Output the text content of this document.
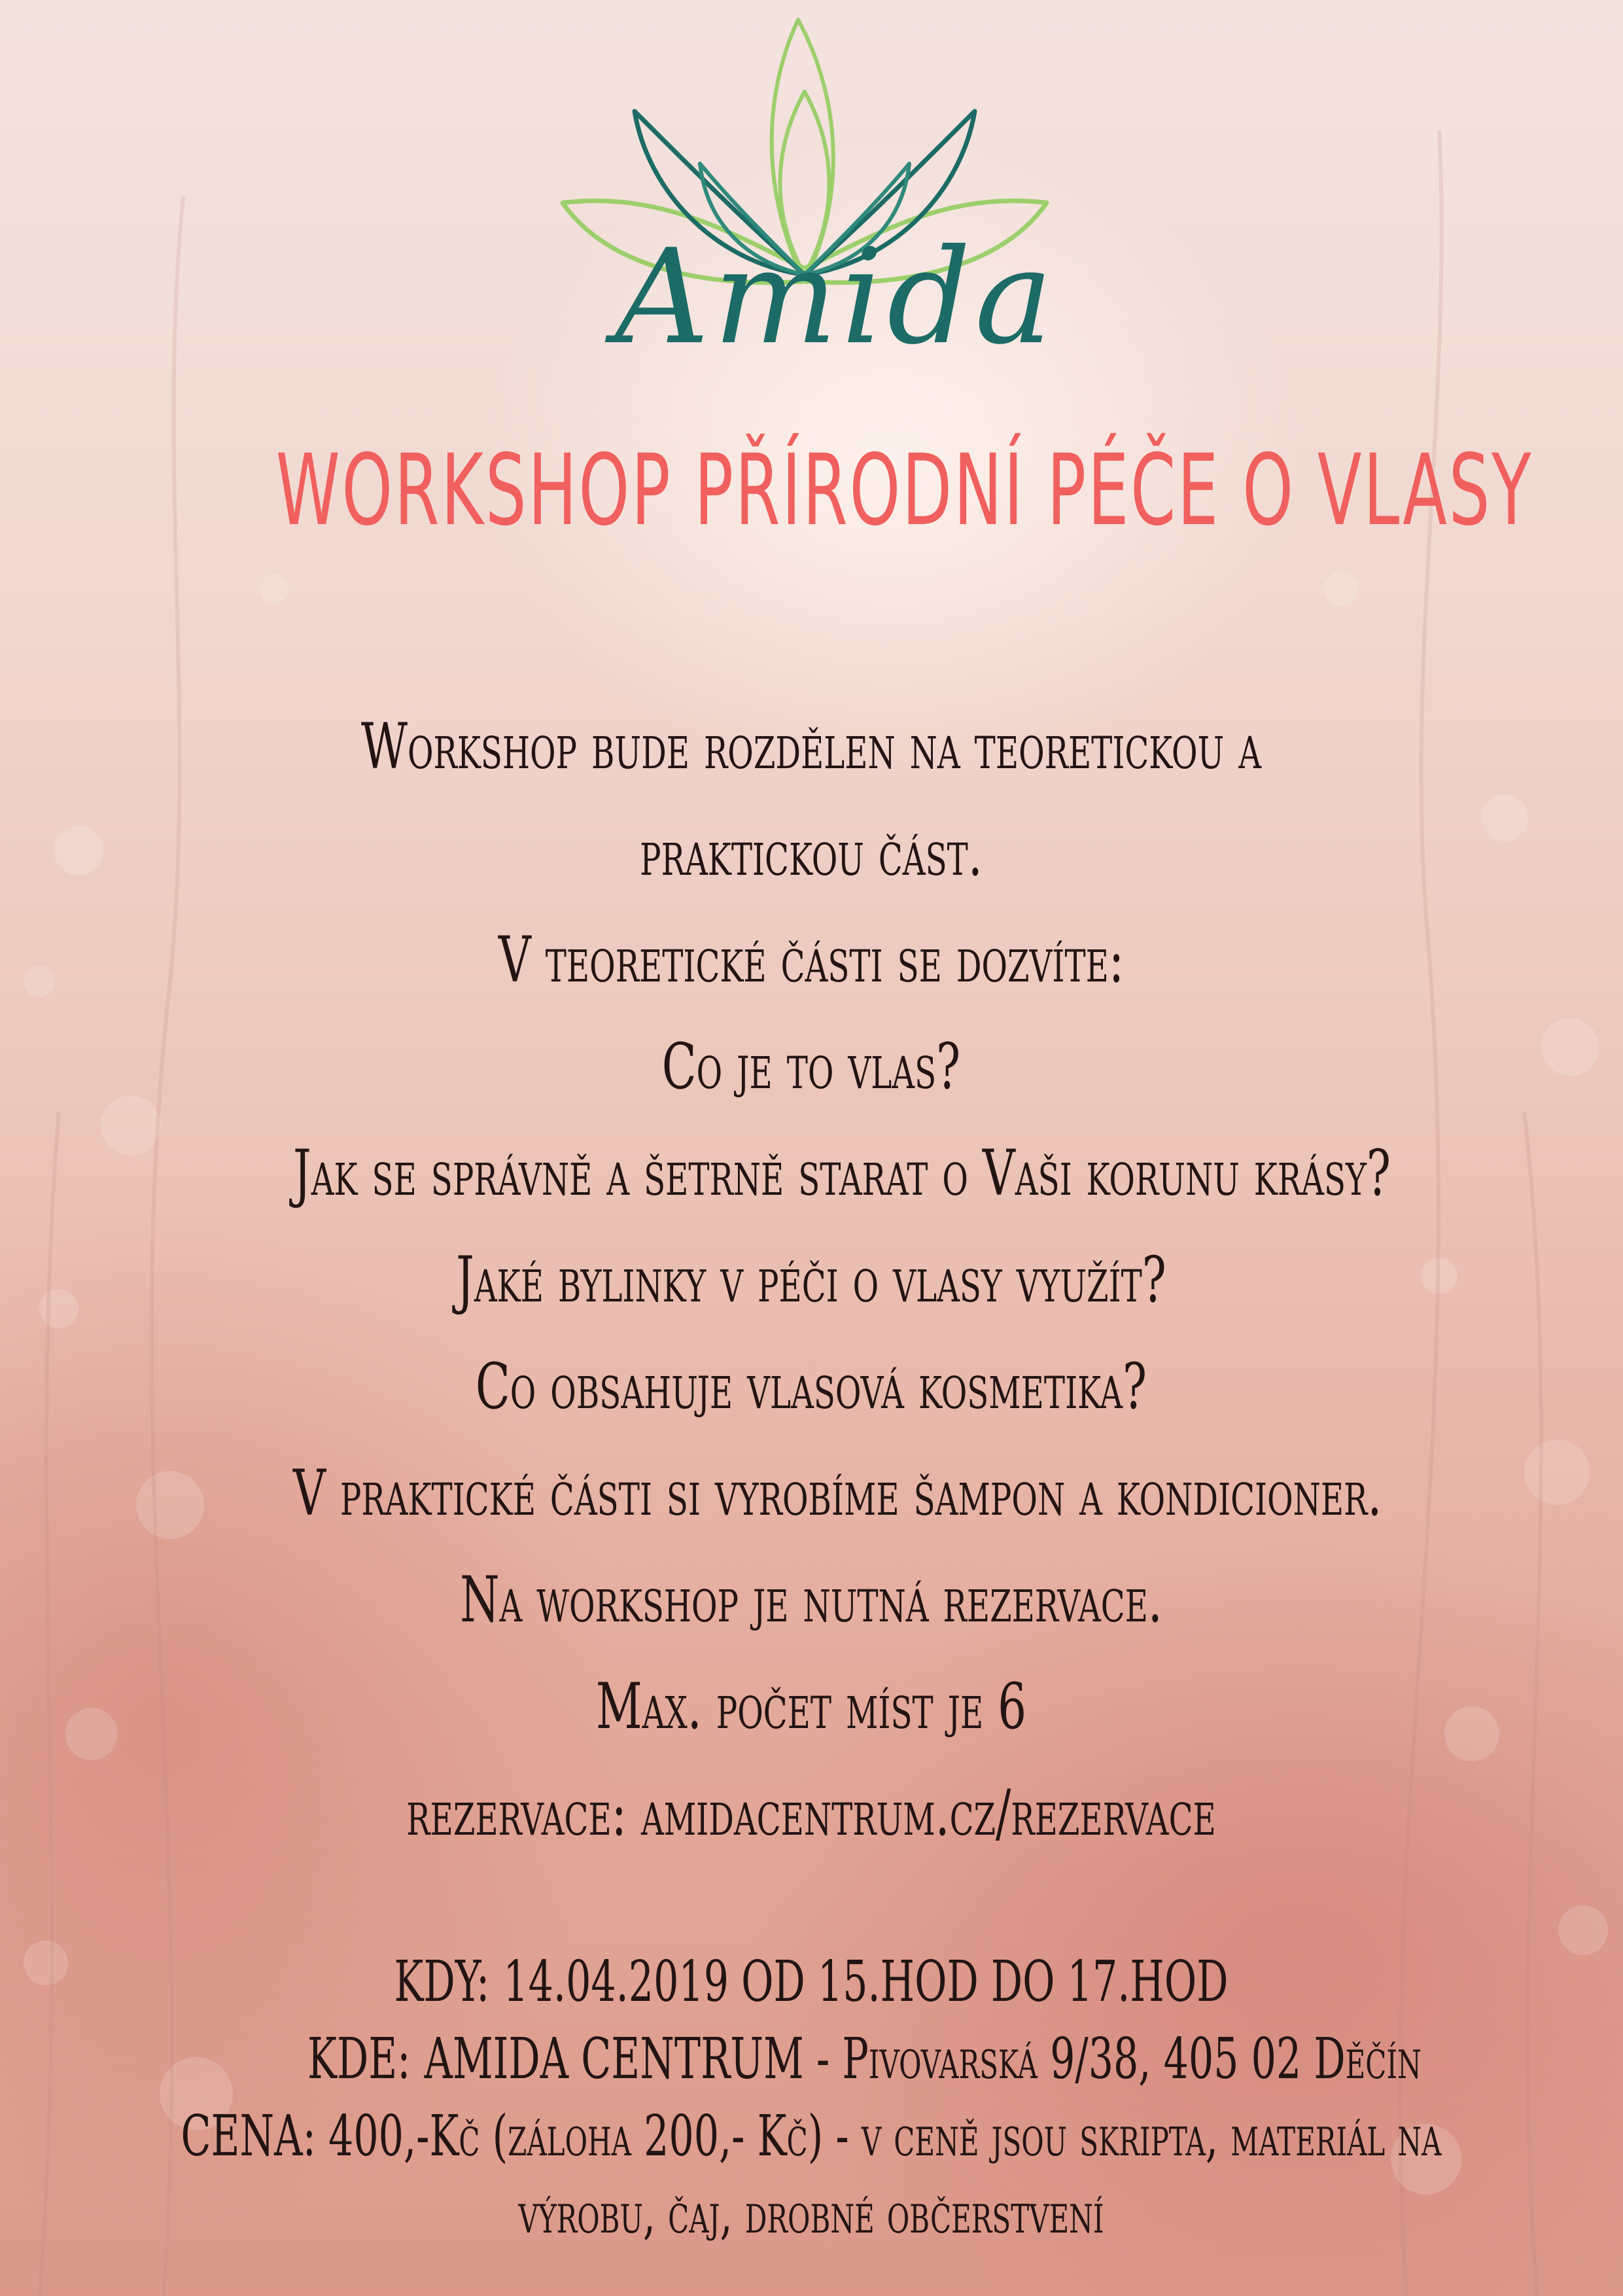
Amida
WORKSHOP PŘÍRODNÍ PÉČE O VLASY
Workshop bude rozdělen na teoretickou a praktickou část.
V teoretické části se dozvíte:
Co je to vlas?
Jak se správně a šetrně starat o Vaši korunu krásy?
Jaké bylinky v péči o vlasy využít?
Co obsahuje vlasová kosmetika?
V praktické části si vyrobíme šampon a kondicioner.
Na workshop je nutná rezervace.
Max. počet míst je 6
rezervace: amidacentrum.cz/rezervace
KDY: 14.04.2019 OD 15.HOD DO 17.HOD
KDE: AMIDA CENTRUM - Pivovarská 9/38, 405 02 Děčín
CENA: 400,-Kč (záloha 200,- Kč) - v ceně jsou skripta, materiál na výrobu, čaj, drobné občerstvení
